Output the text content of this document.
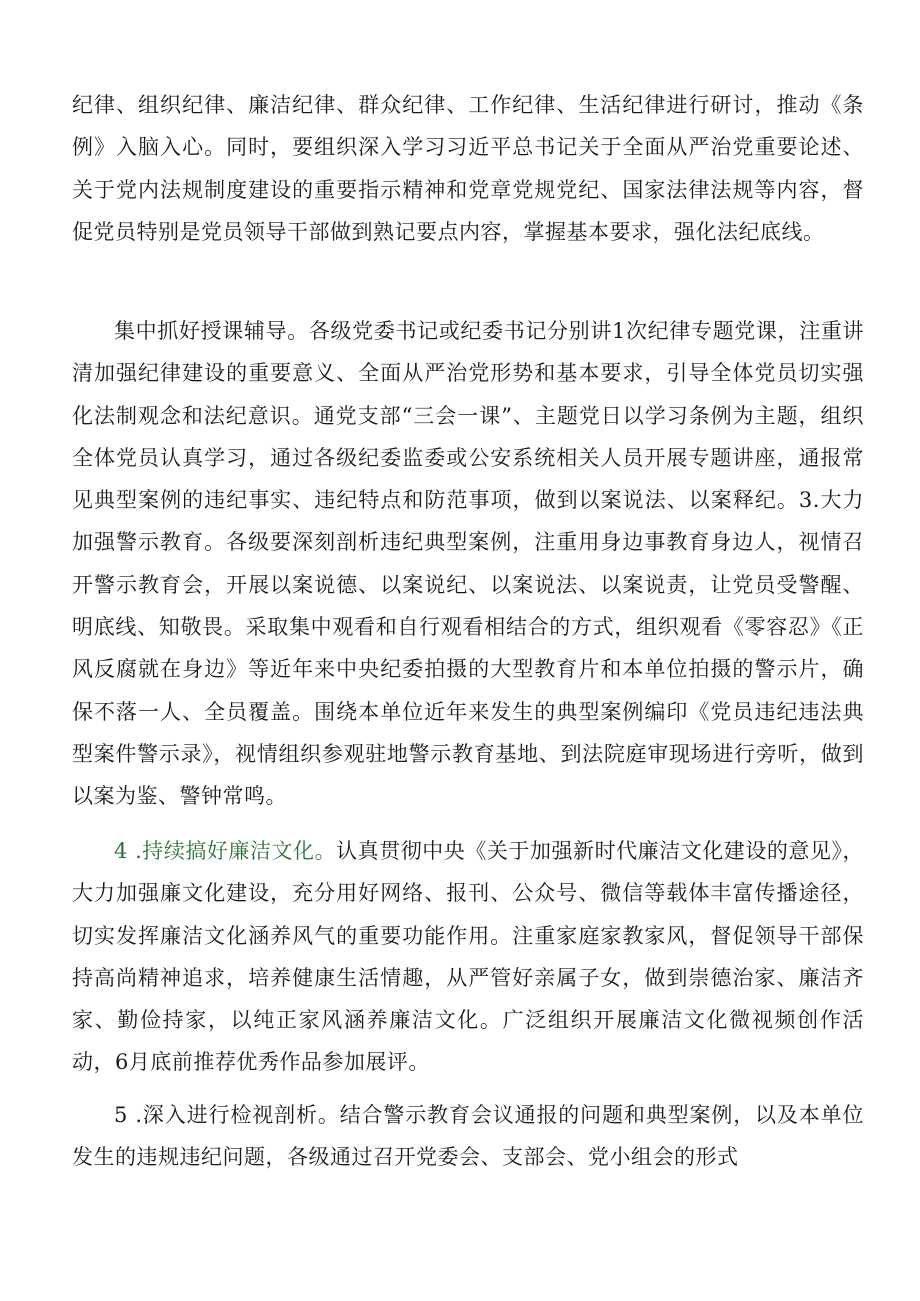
纪律、组织纪律、廉洁纪律、群众纪律、工作纪律、生活纪律进行研讨，推动《条例》入脑入心。同时，要组织深入学习习近平总书记关于全面从严治党重要论述、关于党内法规制度建设的重要指示精神和党章党规党纪、国家法律法规等内容，督促党员特别是党员领导干部做到熟记要点内容，掌握基本要求，强化法纪底线。

集中抓好授课辅导。各级党委书记或纪委书记分别讲1次纪律专题党课，注重讲清加强纪律建设的重要意义、全面从严治党形势和基本要求，引导全体党员切实强化法制观念和法纪意识。通党支部“三会一课”、主题党日以学习条例为主题，组织全体党员认真学习，通过各级纪委监委或公安系统相关人员开展专题讲座，通报常见典型案例的违纪事实、违纪特点和防范事项，做到以案说法、以案释纪。3.大力加强警示教育。各级要深刻剖析违纪典型案例，注重用身边事教育身边人，视情召开警示教育会，开展以案说德、以案说纪、以案说法、以案说责，让党员受警醒、明底线、知敬畏。采取集中观看和自行观看相结合的方式，组织观看《零容忍》《正风反腐就在身边》等近年来中央纪委拍摄的大型教育片和本单位拍摄的警示片，确保不落一人、全员覆盖。围绕本单位近年来发生的典型案例编印《党员违纪违法典型案件警示录》，视情组织参观驻地警示教育基地、到法院庭审现场进行旁听，做到以案为鉴、警钟常鸣。

4 .持续搞好廉洁文化。认真贯彻中央《关于加强新时代廉洁文化建设的意见》，大力加强廉文化建设，充分用好网络、报刊、公众号、微信等载体丰富传播途径，切实发挥廉洁文化涵养风气的重要功能作用。注重家庭家教家风，督促领导干部保持高尚精神追求，培养健康生活情趣，从严管好亲属子女，做到崇德治家、廉洁齐家、勤俭持家，以纯正家风涵养廉洁文化。广泛组织开展廉洁文化微视频创作活动，6月底前推荐优秀作品参加展评。

5 .深入进行检视剖析。结合警示教育会议通报的问题和典型案例，以及本单位发生的违规违纪问题，各级通过召开党委会、支部会、党小组会的形式
